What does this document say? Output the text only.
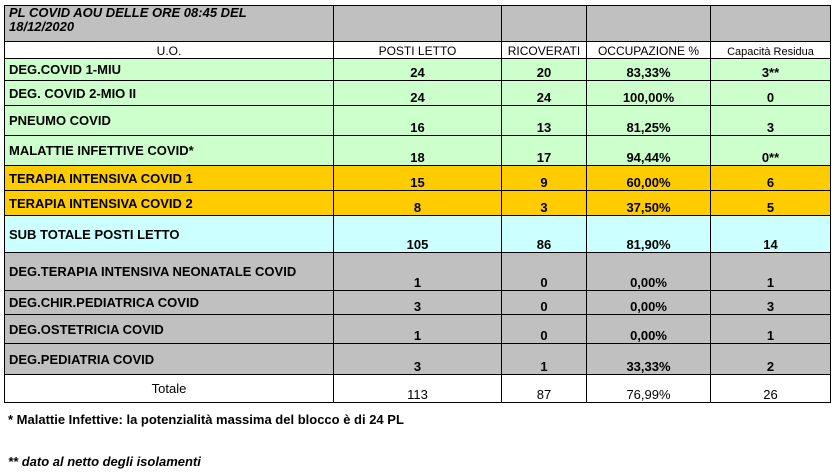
PL COVID AOU DELLE ORE 08:45 DEL
18/12/2020				
U.O.	POSTI LETTO	RICOVERATI	OCCUPAZIONE %	Capacità Residua
DEG.COVID 1-MIU	24	20	83,33%	3**
DEG. COVID 2-MIO II	24	24	100,00%	0
PNEUMO COVID	16	13	81,25%	3
MALATTIE INFETTIVE COVID*	18	17	94,44%	0**
TERAPIA INTENSIVA COVID 1	15	9	60,00%	6
TERAPIA INTENSIVA COVID 2	8	3	37,50%	5
SUB TOTALE POSTI LETTO	105	86	81,90%	14
DEG.TERAPIA INTENSIVA NEONATALE COVID	1	0	0,00%	1
DEG.CHIR.PEDIATRICA COVID	3	0	0,00%	3
DEG.OSTETRICIA COVID	1	0	0,00%	1
DEG.PEDIATRIA COVID	3	1	33,33%	2
Totale	113	87	76,99%	26
* Malattie Infettive: la potenzialità massima del blocco è di 24 PL
** dato al netto degli isolamenti
